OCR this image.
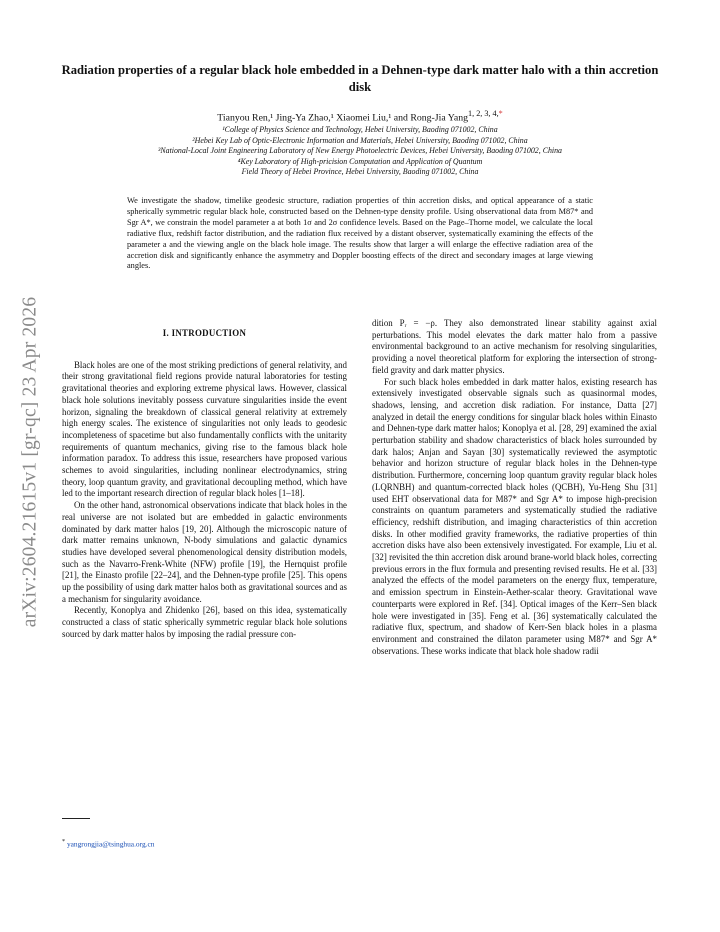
arXiv:2604.21615v1 [gr-qc] 23 Apr 2026
Radiation properties of a regular black hole embedded in a Dehnen-type dark matter halo with a thin accretion disk
Tianyou Ren,¹ Jing-Ya Zhao,¹ Xiaomei Liu,¹ and Rong-Jia Yang$^{1, 2, 3, 4,*}$
¹College of Physics Science and Technology, Hebei University, Baoding 071002, China
²Hebei Key Lab of Optic-Electronic Information and Materials, Hebei University, Baoding 071002, China
³National-Local Joint Engineering Laboratory of New Energy Photoelectric Devices, Hebei University, Baoding 071002, China
⁴Key Laboratory of High-pricision Computation and Application of Quantum
Field Theory of Hebei Province, Hebei University, Baoding 071002, China
We investigate the shadow, timelike geodesic structure, radiation properties of thin accretion disks, and optical appearance of a static spherically symmetric regular black hole, constructed based on the Dehnen-type density profile. Using observational data from M87* and Sgr A*, we constrain the model parameter a at both 1σ and 2σ confidence levels. Based on the Page–Thorne model, we calculate the local radiative flux, redshift factor distribution, and the radiation flux received by a distant observer, systematically examining the effects of the parameter a and the viewing angle on the black hole image. The results show that larger a will enlarge the effective radiation area of the accretion disk and significantly enhance the asymmetry and Doppler boosting effects of the direct and secondary images at large viewing angles.
I. INTRODUCTION

Black holes are one of the most striking predictions of general relativity, and their strong gravitational field regions provide natural laboratories for testing gravitational theories and exploring extreme physical laws. However, classical black hole solutions inevitably possess curvature singularities inside the event horizon, signaling the breakdown of classical general relativity at extremely high energy scales. The existence of singularities not only leads to geodesic incompleteness of spacetime but also fundamentally conflicts with the unitarity requirements of quantum mechanics, giving rise to the famous black hole information paradox. To address this issue, researchers have proposed various schemes to avoid singularities, including nonlinear electrodynamics, string theory, loop quantum gravity, and gravitational decoupling method, which have led to the important research direction of regular black holes [1–18].

On the other hand, astronomical observations indicate that black holes in the real universe are not isolated but are embedded in galactic environments dominated by dark matter halos [19, 20]. Although the microscopic nature of dark matter remains unknown, N-body simulations and galactic dynamics studies have developed several phenomenological density distribution models, such as the Navarro-Frenk-White (NFW) profile [19], the Hernquist profile [21], the Einasto profile [22–24], and the Dehnen-type profile [25]. This opens up the possibility of using dark matter halos both as gravitational sources and as a mechanism for singularity avoidance.

Recently, Konoplya and Zhidenko [26], based on this idea, systematically constructed a class of static spherically symmetric regular black hole solutions sourced by dark matter halos by imposing the radial pressure con-

dition Pᵣ = −ρ. They also demonstrated linear stability against axial perturbations. This model elevates the dark matter halo from a passive environmental background to an active mechanism for resolving singularities, providing a novel theoretical platform for exploring the intersection of strong-field gravity and dark matter physics.

For such black holes embedded in dark matter halos, existing research has extensively investigated observable signals such as quasinormal modes, shadows, lensing, and accretion disk radiation. For instance, Datta [27] analyzed in detail the energy conditions for singular black holes within Einasto and Dehnen-type dark matter halos; Konoplya et al. [28, 29] examined the axial perturbation stability and shadow characteristics of black holes surrounded by dark halos; Anjan and Sayan [30] systematically reviewed the asymptotic behavior and horizon structure of regular black holes in the Dehnen-type distribution. Furthermore, concerning loop quantum gravity regular black holes (LQRNBH) and quantum-corrected black holes (QCBH), Yu-Heng Shu [31] used EHT observational data for M87* and Sgr A* to impose high-precision constraints on quantum parameters and systematically studied the radiative efficiency, redshift distribution, and imaging characteristics of thin accretion disks. In other modified gravity frameworks, the radiative properties of thin accretion disks have also been extensively investigated. For example, Liu et al. [32] revisited the thin accretion disk around brane-world black holes, correcting previous errors in the flux formula and presenting revised results. He et al. [33] analyzed the effects of the model parameters on the energy flux, temperature, and emission spectrum in Einstein-Aether-scalar theory. Gravitational wave counterparts were explored in Ref. [34]. Optical images of the Kerr–Sen black hole were investigated in [35]. Feng et al. [36] systematically calculated the radiative flux, spectrum, and shadow of Kerr-Sen black holes in a plasma environment and constrained the dilaton parameter using M87* and Sgr A* observations. These works indicate that black hole shadow radii

* yangrongjia@tsinghua.org.cn
